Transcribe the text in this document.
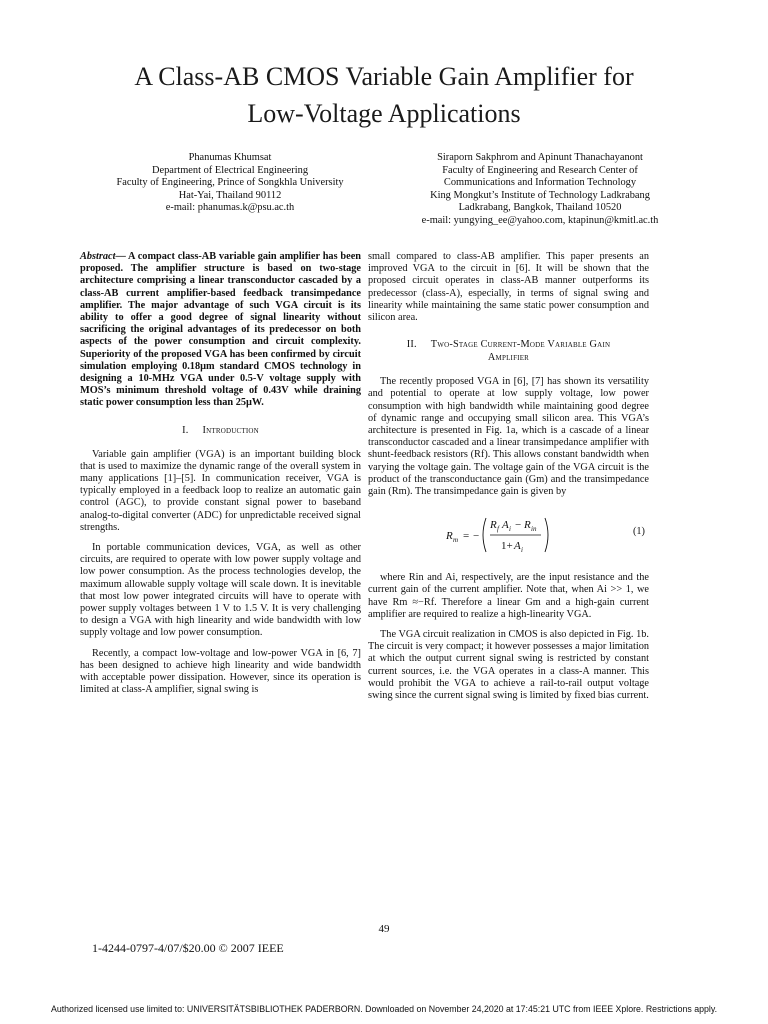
A Class-AB CMOS Variable Gain Amplifier for
Low-Voltage Applications
Phanumas Khumsat
Department of Electrical Engineering
Faculty of Engineering, Prince of Songkhla University
Hat-Yai, Thailand 90112
e-mail: phanumas.k@psu.ac.th
Siraporn Sakphrom and Apinunt Thanachayanont
Faculty of Engineering and Research Center of
Communications and Information Technology
King Mongkut’s Institute of Technology Ladkrabang
Ladkrabang, Bangkok, Thailand 10520
e-mail: yungying_ee@yahoo.com, ktapinun@kmitl.ac.th
Abstract— A compact class-AB variable gain amplifier has been proposed. The amplifier structure is based on two-stage architecture comprising a linear transconductor cascaded by a class-AB current amplifier-based feedback transimpedance amplifier. The major advantage of such VGA circuit is its ability to offer a good degree of signal linearity without sacrificing the original advantages of its predecessor on both aspects of the power consumption and circuit complexity. Superiority of the proposed VGA has been confirmed by circuit simulation employing 0.18µm standard CMOS technology in designing a 10-MHz VGA under 0.5-V voltage supply with MOS’s minimum threshold voltage of 0.43V while draining static power consumption less than 25µW.
I. Introduction

Variable gain amplifier (VGA) is an important building block that is used to maximize the dynamic range of the overall system in many applications [1]–[5]. In communication receiver, VGA is typically employed in a feedback loop to realize an automatic gain control (AGC), to provide constant signal power to baseband analog-to-digital converter (ADC) for unpredictable received signal strengths.

In portable communication devices, VGA, as well as other circuits, are required to operate with low power supply voltage and low power consumption. As the process technologies develop, the maximum allowable supply voltage will scale down. It is inevitable that most low power integrated circuits will have to operate with power supply voltages between 1 V to 1.5 V. It is very challenging to design a VGA with high linearity and wide bandwidth with low supply voltage and low power consumption.

Recently, a compact low-voltage and low-power VGA in [6, 7] has been designed to achieve high linearity and wide bandwidth with acceptable power dissipation. However, since its operation is limited at class-A amplifier, signal swing is

small compared to class-AB amplifier. This paper presents an improved VGA to the circuit in [6]. It will be shown that the proposed circuit operates in class-AB manner outperforms its predecessor (class-A), especially, in terms of signal swing and linearity while maintaining the same static power consumption and silicon area.

II. Two-Stage Current-Mode Variable Gain
Amplifier

The recently proposed VGA in [6], [7] has shown its versatility and potential to operate at low supply voltage, low power consumption with high bandwidth while maintaining good degree of dynamic range and occupying small silicon area. This VGA’s architecture is presented in Fig. 1a, which is a cascade of a linear transconductor cascaded and a linear transimpedance amplifier with shunt-feedback resistors (Rf). This allows constant bandwidth when varying the voltage gain. The voltage gain of the VGA circuit is the product of the transconductance gain (Gm) and the transimpedance gain (Rm). The transimpedance gain is given by

R m = −
R f A i − R in
1+ A i
(1)

where Rin and Ai, respectively, are the input resistance and the current gain of the current amplifier. Note that, when Ai >> 1, we have Rm ≈−Rf. Therefore a linear Gm and a high-gain current amplifier are required to realize a high-linearity VGA.

The VGA circuit realization in CMOS is also depicted in Fig. 1b. The circuit is very compact; it however possesses a major limitation at which the output current signal swing is restricted by constant current sources, i.e. the VGA operates in a class-A manner. This would prohibit the VGA to achieve a rail-to-rail output voltage swing since the current signal swing is limited by fixed bias current.

49
1-4244-0797-4/07/$20.00 © 2007 IEEE
Authorized licensed use limited to: UNIVERSITÄTSBIBLIOTHEK PADERBORN. Downloaded on November 24,2020 at 17:45:21 UTC from IEEE Xplore. Restrictions apply.
